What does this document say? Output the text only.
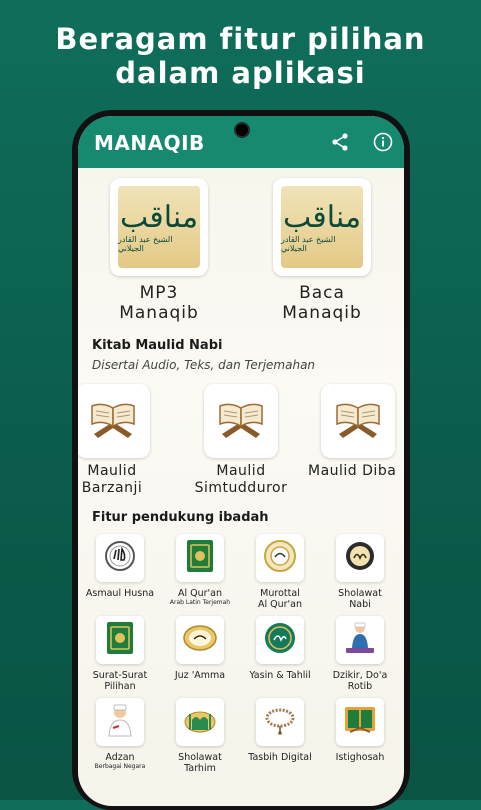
Beragam fitur pilihan
dalam aplikasi
MANAQIB
مناقب
الشيخ عبد القادر الجيلاني
MP3
Manaqib
مناقب
الشيخ عبد القادر الجيلاني
Baca
Manaqib
Kitab Maulid Nabi
Disertai Audio, Teks, dan Terjemahan
Maulid
Barzanji
Maulid
Simtudduror
Maulid Diba
Fitur pendukung ibadah
Asmaul Husna	Al Qur'an
Arab Latin Terjemah
Murottal
Al Qur'an
Sholawat
Nabi
Surat-Surat
Pilihan
Juz 'Amma	Yasin & Tahlil	Dzikir, Do'a
Rotib
Adzan
Berbagai Negara
Sholawat
Tarhim
Tasbih Digital	Istighosah
